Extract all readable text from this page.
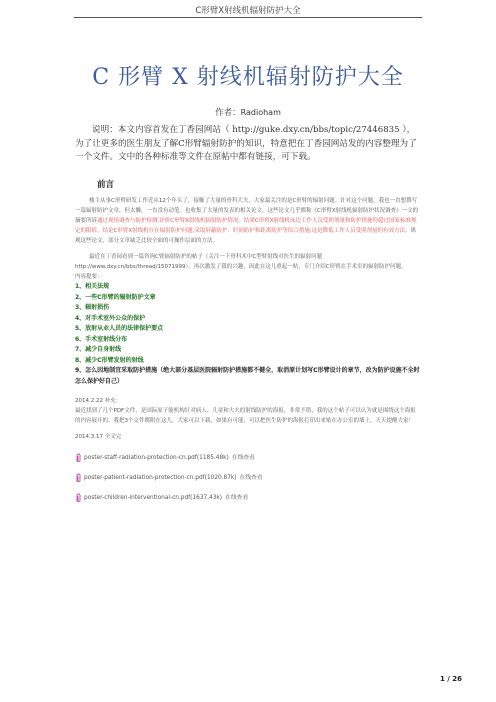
C形臂X射线机辐射防护大全
C 形臂 X 射线机辐射防护大全
作者：Radioham

说明：本文内容首发在丁香园网站（ http://guke.dxy.cn/bbs/topic/27446835 ）， 为了让更多的医生朋友了解C形臂辐射防护的知识，特意把在丁香园网站发的内容整理为了一个文件。文中的各种标准等文件在原帖中都有链接，可下载。

前言

楼主从事C形臂研发工作近从12个年头了，接触了大量的骨科大夫，大家最关注的是C形臂的辐射问题。针对这个问题，我也一直想撰写一篇辐射防护文章，但太懒，一直没有动笔。也收集了大量的发表的相关论文。这些论文几乎都称《C形臂X射线机辐射防护状况调查》一文的摘要所诉通过现场调查与防护检测,评价C形臂X射线机辐射防护情况。结果C形臂X射线机床边工作人员受照剂量和防护措施均超过国家标准规定的限值。结论C形臂X射线机存在辐射防护问题,采取屏蔽防护、时间防护和距离防护等综合措施,这是降低工作人员受照剂量的有效方法。纵观这些论文，部分文章缺乏比较全面的可操作层面的方法。

最近在丁香园看到一篇咨询C臂辐射防护的帖子（关注一下骨科术中C型臂射线对医生的辐射问题http://www.dxy.cn/bbs/thread/15071999），再次激发了我的兴趣，因此在这儿重起一贴，专门介绍C形臂在手术室的辐射防护问题。

内容提要：

1、相关法规
2、一些C形臂的辐射防护文章
3、辐射损伤
4、对手术室外公众的保护
5、放射从业人员的法律保护要点
6、手术室射线分布
7、减少自身射线
8、减少C形臂发射的射线
9、怎么因地制宜采取防护措施（绝大部分基层医院辐射防护措施都不健全，取消原计划写C形臂设计的章节，改为防护设施不全时怎么保护好自己）

2014.2.22 补充：

最近找到了几个PDF文件，是国际原子能机构针对病人、儿童和大夫的射线防护的海报，非常不错，我的这个帖子可以认为就是围绕这个海报的内容展开的。我把3个文件都附在这儿。大家可以下载，如果有可能，可以把医生防护的海报打印出来贴在办公室的墙上，天天提醒大家！

2014.3.17 全文完

poster-staff-radiation-protection-cn.pdf(1185.48k) 在线查看
poster-patient-radiation-protection-cn.pdf(1020.87k) 在线查看
poster-children-interventional-cn.pdf(1637.43k) 在线查看
1 / 26
